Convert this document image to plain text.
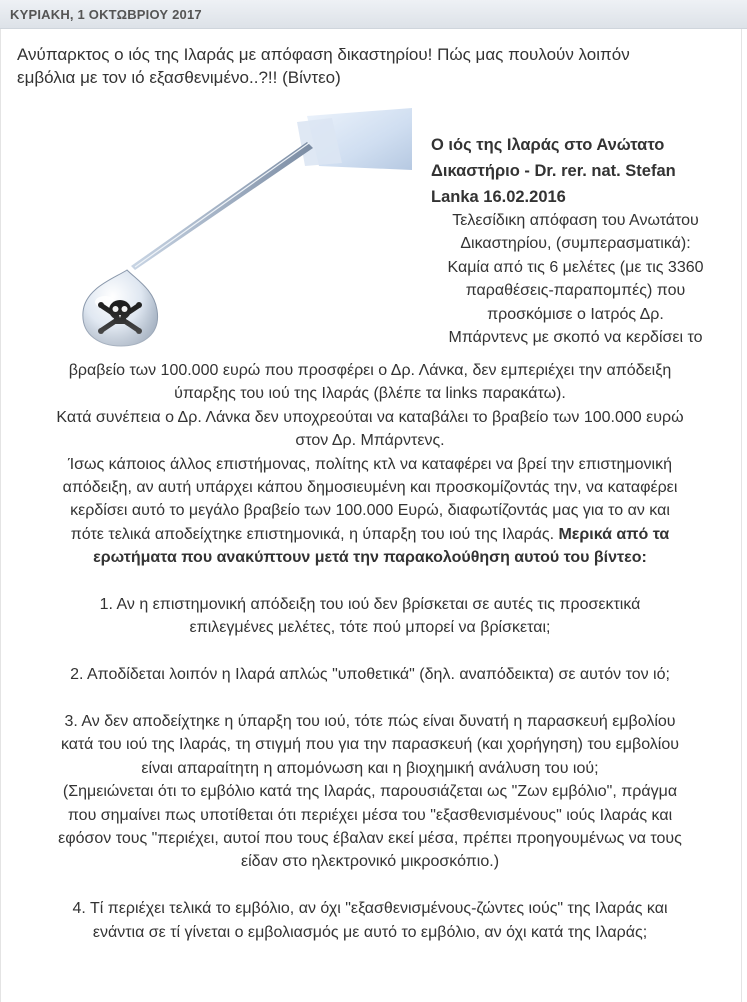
ΚΥΡΙΑΚΗ, 1 ΟΚΤΩΒΡΙΟΥ 2017
Ανύπαρκτος ο ιός της Ιλαράς με απόφαση δικαστηρίου! Πώς μας πουλούν λοιπόν
εμβόλια με τον ιό εξασθενιμένο..?!! (Βίντεο)
Ο ιός της Ιλαράς στο Ανώτατο
Δικαστήριο - Dr. rer. nat. Stefan
Lanka 16.02.2016
Τελεσίδικη απόφαση του Ανωτάτου
Δικαστηρίου, (συμπερασματικά):
Καμία από τις 6 μελέτες (με τις 3360
παραθέσεις-παραπομπές) που
προσκόμισε ο Ιατρός Δρ.
Μπάρντενς με σκοπό να κερδίσει το
βραβείο των 100.000 ευρώ που προσφέρει ο Δρ. Λάνκα, δεν εμπεριέχει την απόδειξη
ύπαρξης του ιού της Ιλαράς (βλέπε τα links παρακάτω).
Κατά συνέπεια ο Δρ. Λάνκα δεν υποχρεούται να καταβάλει το βραβείο των 100.000 ευρώ
στον Δρ. Μπάρντενς.
Ίσως κάποιος άλλος επιστήμονας, πολίτης κτλ να καταφέρει να βρεί την επιστημονική
απόδειξη, αν αυτή υπάρχει κάπου δημοσιευμένη και προσκομίζοντάς την, να καταφέρει
κερδίσει αυτό το μεγάλο βραβείο των 100.000 Ευρώ, διαφωτίζοντάς μας για το αν και
πότε τελικά αποδείχτηκε επιστημονικά, η ύπαρξη του ιού της Ιλαράς. Μερικά από τα
ερωτήματα που ανακύπτουν μετά την παρακολούθηση αυτού του βίντεο:
1. Αν η επιστημονική απόδειξη του ιού δεν βρίσκεται σε αυτές τις προσεκτικά
επιλεγμένες μελέτες, τότε πού μπορεί να βρίσκεται;
2. Αποδίδεται λοιπόν η Ιλαρά απλώς "υποθετικά" (δηλ. αναπόδεικτα) σε αυτόν τον ιό;
3. Αν δεν αποδείχτηκε η ύπαρξη του ιού, τότε πώς είναι δυνατή η παρασκευή εμβολίου
κατά του ιού της Ιλαράς, τη στιγμή που για την παρασκευή (και χορήγηση) του εμβολίου
είναι απαραίτητη η απομόνωση και η βιοχημική ανάλυση του ιού;
(Σημειώνεται ότι το εμβόλιο κατά της Ιλαράς, παρουσιάζεται ως "Ζων εμβόλιο", πράγμα
που σημαίνει πως υποτίθεται ότι περιέχει μέσα του "εξασθενισμένους" ιούς Ιλαράς και
εφόσον τους "περιέχει, αυτοί που τους έβαλαν εκεί μέσα, πρέπει προηγουμένως να τους
είδαν στο ηλεκτρονικό μικροσκόπιο.)
4. Τί περιέχει τελικά το εμβόλιο, αν όχι "εξασθενισμένους-ζώντες ιούς" της Ιλαράς και
ενάντια σε τί γίνεται ο εμβολιασμός με αυτό το εμβόλιο, αν όχι κατά της Ιλαράς;
